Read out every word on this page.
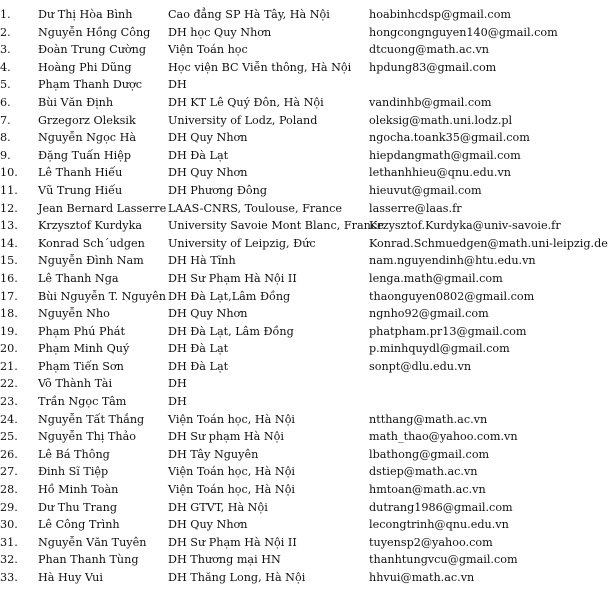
1.	Dư Thị Hòa Bình	Cao đẳng SP Hà Tây, Hà Nội	hoabinhcdsp@gmail.com
2.	Nguyễn Hồng Công	DH học Quy Nhơn	hongcongnguyen140@gmail.com
3.	Đoàn Trung Cường	Viện Toán học	dtcuong@math.ac.vn
4.	Hoàng Phi Dũng	Học viện BC Viễn thông, Hà Nội	hpdung83@gmail.com
5.	Phạm Thanh Dược	DH	
6.	Bùi Văn Định	DH KT Lê Quý Đôn, Hà Nội	vandinhb@gmail.com
7.	Grzegorz Oleksik	University of Lodz, Poland	oleksig@math.uni.lodz.pl
8.	Nguyễn Ngọc Hà	DH Quy Nhơn	ngocha.toank35@gmail.com
9.	Đặng Tuấn Hiệp	DH Đà Lạt	hiepdangmath@gmail.com
10.	Lê Thanh Hiếu	DH Quy Nhơn	lethanhhieu@qnu.edu.vn
11.	Vũ Trung Hiếu	DH Phương Đông	hieuvut@gmail.com
12.	Jean Bernard Lasserre	LAAS-CNRS, Toulouse, France	lasserre@laas.fr
13.	Krzysztof Kurdyka	University Savoie Mont Blanc, France	Krzysztof.Kurdyka@univ-savoie.fr
14.	Konrad Sch´udgen	University of Leipzig, Đức	Konrad.Schmuedgen@math.uni-leipzig.de
15.	Nguyễn Đình Nam	DH Hà Tĩnh	nam.nguyendinh@htu.edu.vn
16.	Lê Thanh Nga	DH Sư Phạm Hà Nội II	lenga.math@gmail.com
17.	Bùi Nguyễn T. Nguyên	DH Đà Lạt,Lâm Đồng	thaonguyen0802@gmail.com
18.	Nguyễn Nho	DH Quy Nhơn	ngnho92@gmail.com
19.	Phạm Phú Phát	DH Đà Lạt, Lâm Đồng	phatpham.pr13@gmail.com
20.	Phạm Minh Quý	DH Đà Lạt	p.minhquydl@gmail.com
21.	Phạm Tiến Sơn	DH Đà Lạt	sonpt@dlu.edu.vn
22.	Võ Thành Tài	DH	
23.	Trần Ngọc Tâm	DH	
24.	Nguyễn Tất Thắng	Viện Toán học, Hà Nội	ntthang@math.ac.vn
25.	Nguyễn Thị Thảo	DH Sư phạm Hà Nội	math_thao@yahoo.com.vn
26.	Lê Bá Thông	DH Tây Nguyên	lbathong@gmail.com
27.	Đinh Sĩ Tiệp	Viện Toán học, Hà Nội	dstiep@math.ac.vn
28.	Hồ Minh Toàn	Viện Toán học, Hà Nội	hmtoan@math.ac.vn
29.	Dư Thu Trang	DH GTVT, Hà Nội	dutrang1986@gmail.com
30.	Lê Công Trình	DH Quy Nhơn	lecongtrinh@qnu.edu.vn
31.	Nguyễn Văn Tuyên	DH Sư Phạm Hà Nội II	tuyensp2@yahoo.com
32.	Phan Thanh Tùng	DH Thương mại HN	thanhtungvcu@gmail.com
33.	Hà Huy Vui	DH Thăng Long, Hà Nội	hhvui@math.ac.vn
